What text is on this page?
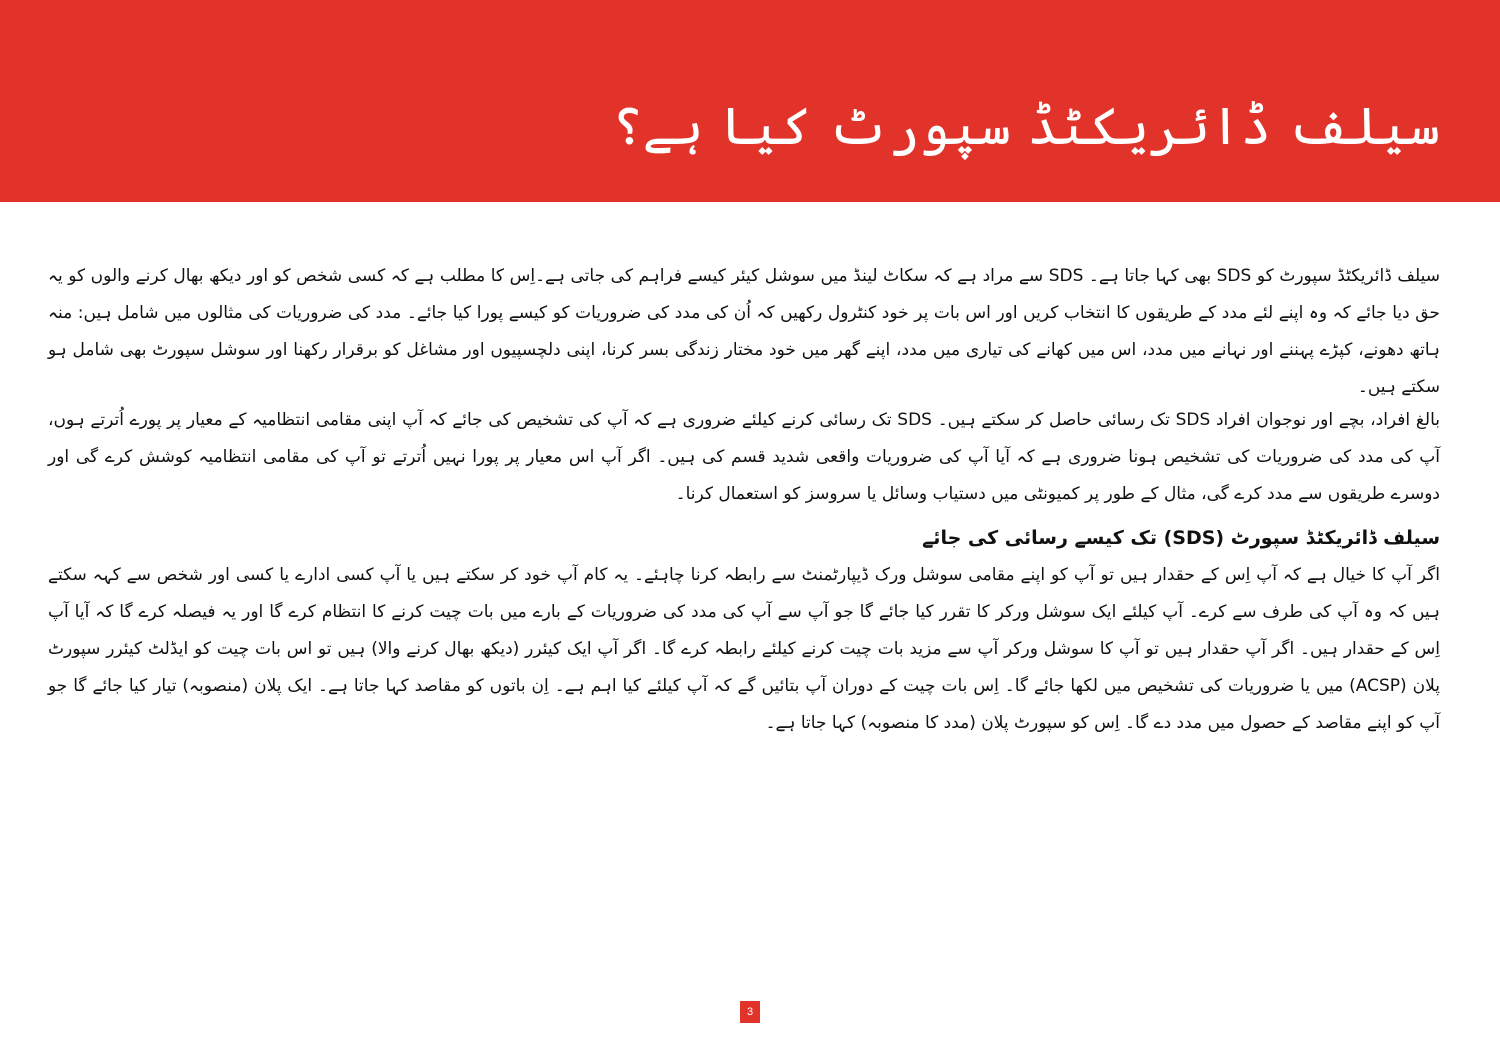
سیلف ڈائریکٹڈ سپورٹ کیا ہے؟

سیلف ڈائریکٹڈ سپورٹ کو SDS بھی کہا جاتا ہے۔ SDS سے مراد ہے کہ سکاٹ لینڈ میں سوشل کیئر کیسے فراہم کی جاتی ہے۔اِس کا مطلب ہے کہ کسی شخص کو اور دیکھ بھال کرنے والوں کو یہ حق دیا جائے کہ وہ اپنے لئے مدد کے طریقوں کا انتخاب کریں اور اس بات پر خود کنٹرول رکھیں کہ اُن کی مدد کی ضروریات کو کیسے پورا کیا جائے۔ مدد کی ضروریات کی مثالوں میں شامل ہیں: منہ ہاتھ دھونے، کپڑے پہننے اور نہانے میں مدد، اس میں کھانے کی تیاری میں مدد، اپنے گھر میں خود مختار زندگی بسر کرنا، اپنی دلچسپیوں اور مشاغل کو برقرار رکھنا اور سوشل سپورٹ بھی شامل ہو سکتے ہیں۔

بالغ افراد، بچے اور نوجوان افراد SDS تک رسائی حاصل کر سکتے ہیں۔ SDS تک رسائی کرنے کیلئے ضروری ہے کہ آپ کی تشخیص کی جائے کہ آپ اپنی مقامی انتظامیہ کے معیار پر پورے اُترتے ہوں، آپ کی مدد کی ضروریات کی تشخیص ہونا ضروری ہے کہ آیا آپ کی ضروریات واقعی شدید قسم کی ہیں۔ اگر آپ اس معیار پر پورا نہیں اُترتے تو آپ کی مقامی انتظامیہ کوشش کرے گی اور دوسرے طریقوں سے مدد کرے گی، مثال کے طور پر کمیونٹی میں دستیاب وسائل یا سروسز کو استعمال کرنا۔

سیلف ڈائریکٹڈ سپورٹ (SDS) تک کیسے رسائی کی جائے

اگر آپ کا خیال ہے کہ آپ اِس کے حقدار ہیں تو آپ کو اپنے مقامی سوشل ورک ڈیپارٹمنٹ سے رابطہ کرنا چاہئے۔ یہ کام آپ خود کر سکتے ہیں یا آپ کسی ادارے یا کسی اور شخص سے کہہ سکتے ہیں کہ وہ آپ کی طرف سے کرے۔ آپ کیلئے ایک سوشل ورکر کا تقرر کیا جائے گا جو آپ سے آپ کی مدد کی ضروریات کے بارے میں بات چیت کرنے کا انتظام کرے گا اور یہ فیصلہ کرے گا کہ آیا آپ اِس کے حقدار ہیں۔ اگر آپ حقدار ہیں تو آپ کا سوشل ورکر آپ سے مزید بات چیت کرنے کیلئے رابطہ کرے گا۔ اگر آپ ایک کیئرر (دیکھ بھال کرنے والا) ہیں تو اس بات چیت کو ایڈلٹ کیئرر سپورٹ پلان (ACSP) میں یا ضروریات کی تشخیص میں لکھا جائے گا۔ اِس بات چیت کے دوران آپ بتائیں گے کہ آپ کیلئے کیا اہم ہے۔ اِن باتوں کو مقاصد کہا جاتا ہے۔ ایک پلان (منصوبہ) تیار کیا جائے گا جو آپ کو اپنے مقاصد کے حصول میں مدد دے گا۔ اِس کو سپورٹ پلان (مدد کا منصوبہ) کہا جاتا ہے۔

3
